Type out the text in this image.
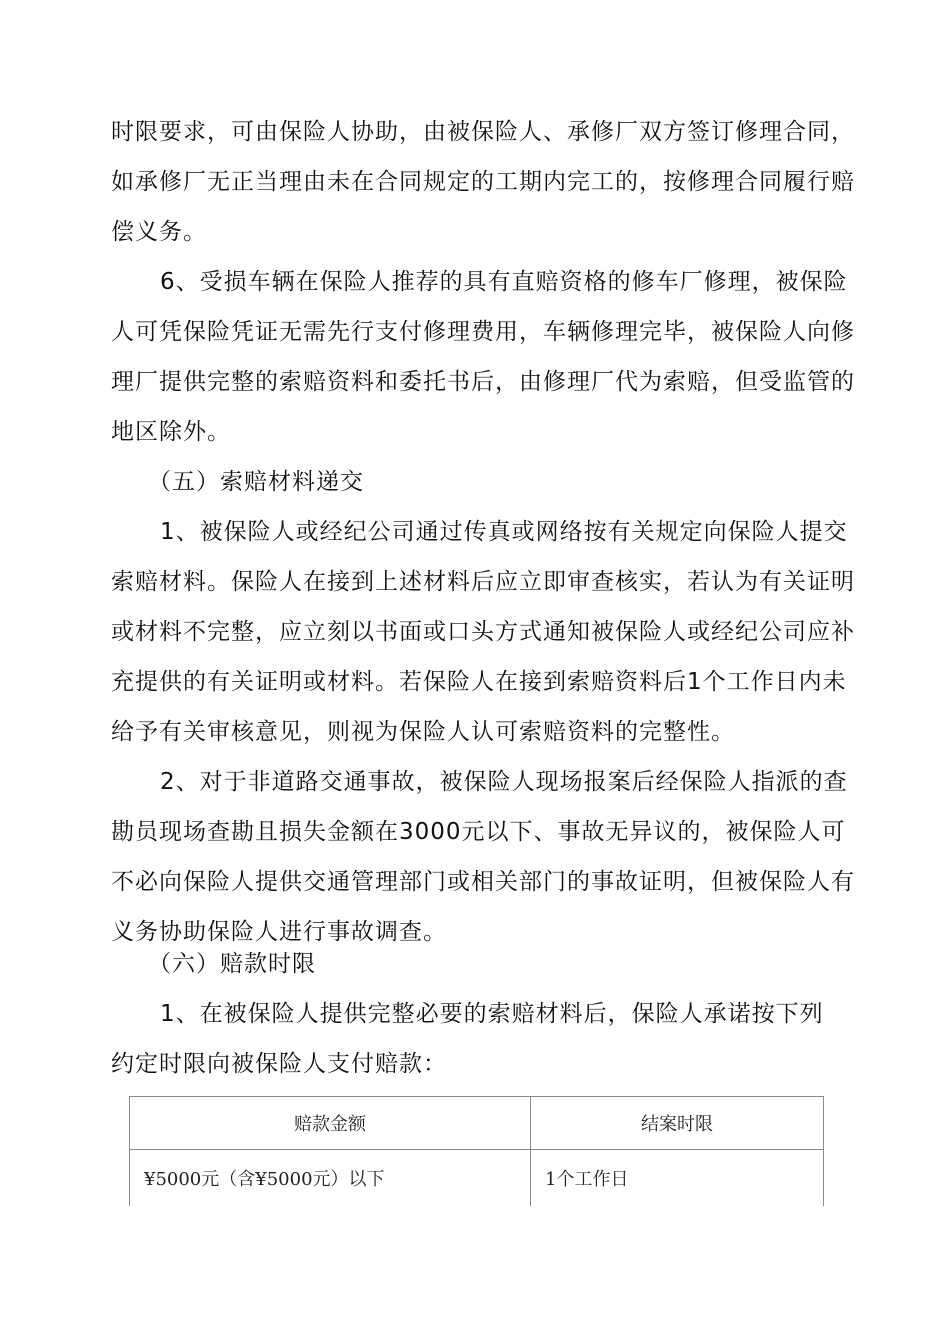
时限要求，可由保险人协助，由被保险人、承修厂双方签订修理合同，
如承修厂无正当理由未在合同规定的工期内完工的，按修理合同履行赔
偿义务。
6、受损车辆在保险人推荐的具有直赔资格的修车厂修理，被保险
人可凭保险凭证无需先行支付修理费用，车辆修理完毕，被保险人向修
理厂提供完整的索赔资料和委托书后，由修理厂代为索赔，但受监管的
地区除外。
（五）索赔材料递交
1、被保险人或经纪公司通过传真或网络按有关规定向保险人提交
索赔材料。保险人在接到上述材料后应立即审查核实，若认为有关证明
或材料不完整，应立刻以书面或口头方式通知被保险人或经纪公司应补
充提供的有关证明或材料。若保险人在接到索赔资料后1个工作日内未
给予有关审核意见，则视为保险人认可索赔资料的完整性。
2、对于非道路交通事故，被保险人现场报案后经保险人指派的查
勘员现场查勘且损失金额在3000元以下、事故无异议的，被保险人可
不必向保险人提供交通管理部门或相关部门的事故证明，但被保险人有
义务协助保险人进行事故调查。
（六）赔款时限
1、在被保险人提供完整必要的索赔材料后，保险人承诺按下列
约定时限向被保险人支付赔款：
赔款金额	结案时限
¥5000元（含¥5000元）以下	1个工作日
